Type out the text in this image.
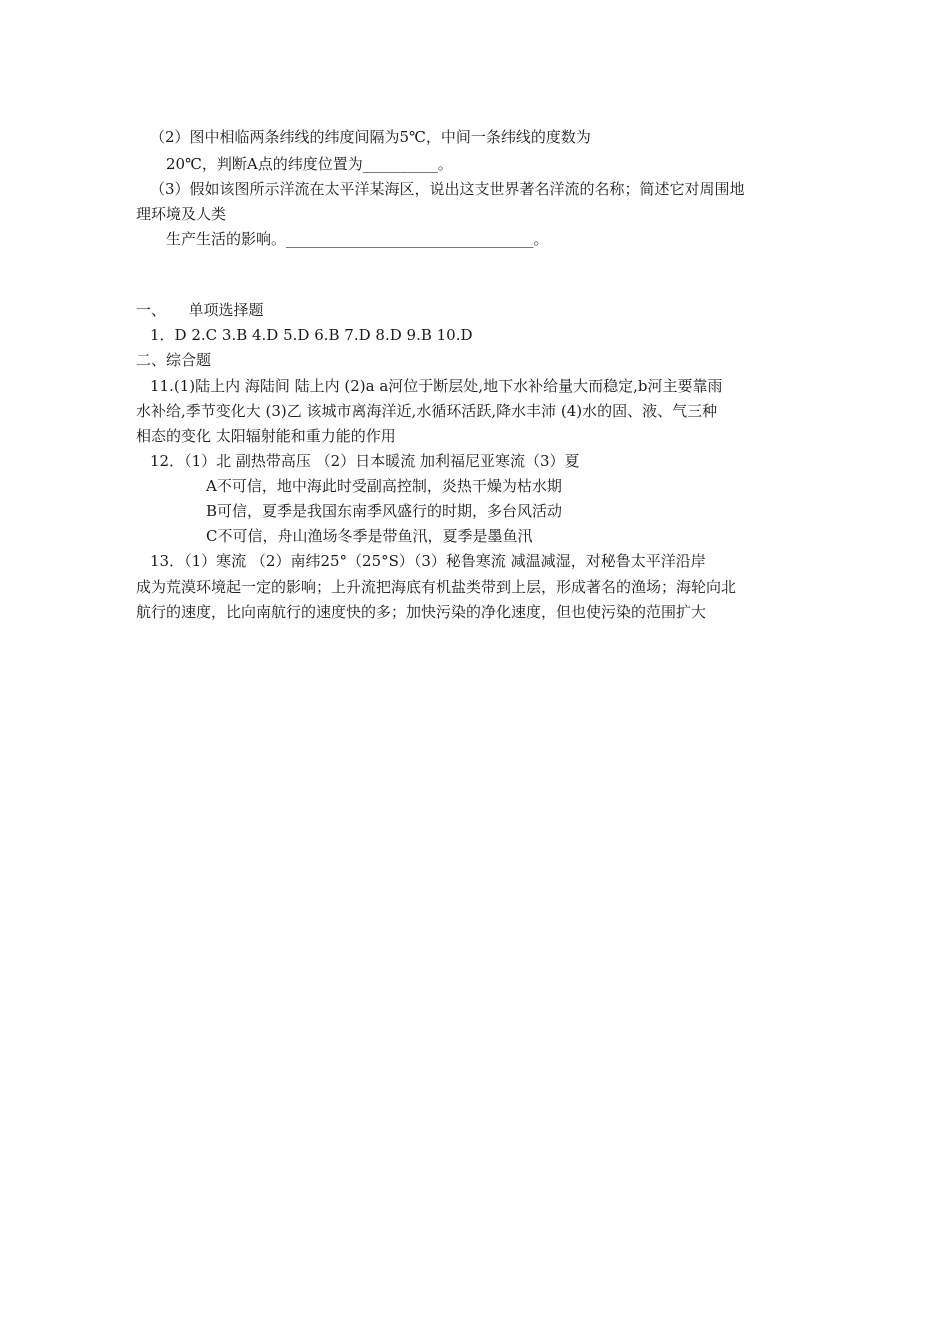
（2）图中相临两条纬线的纬度间隔为5℃，中间一条纬线的度数为
20℃，判断A点的纬度位置为__________。
（3）假如该图所示洋流在太平洋某海区，说出这支世界著名洋流的名称；简述它对周围地
理环境及人类
生产生活的影响。_________________________________。
一、　　单项选择题
1．D 2.C 3.B 4.D 5.D 6.B 7.D 8.D 9.B 10.D
二、综合题
11.(1)陆上内 海陆间 陆上内 (2)a a河位于断层处,地下水补给量大而稳定,b河主要靠雨
水补给,季节变化大 (3)乙 该城市离海洋近,水循环活跃,降水丰沛 (4)水的固、液、气三种
相态的变化 太阳辐射能和重力能的作用
12．（1）北 副热带高压 （2）日本暖流 加利福尼亚寒流（3）夏
A不可信，地中海此时受副高控制，炎热干燥为枯水期
B可信，夏季是我国东南季风盛行的时期，多台风活动
C不可信，舟山渔场冬季是带鱼汛，夏季是墨鱼汛
13．（1）寒流 （2）南纬25°（25°S）（3）秘鲁寒流 减温减湿，对秘鲁太平洋沿岸
成为荒漠环境起一定的影响；上升流把海底有机盐类带到上层，形成著名的渔场；海轮向北
航行的速度，比向南航行的速度快的多；加快污染的净化速度，但也使污染的范围扩大
